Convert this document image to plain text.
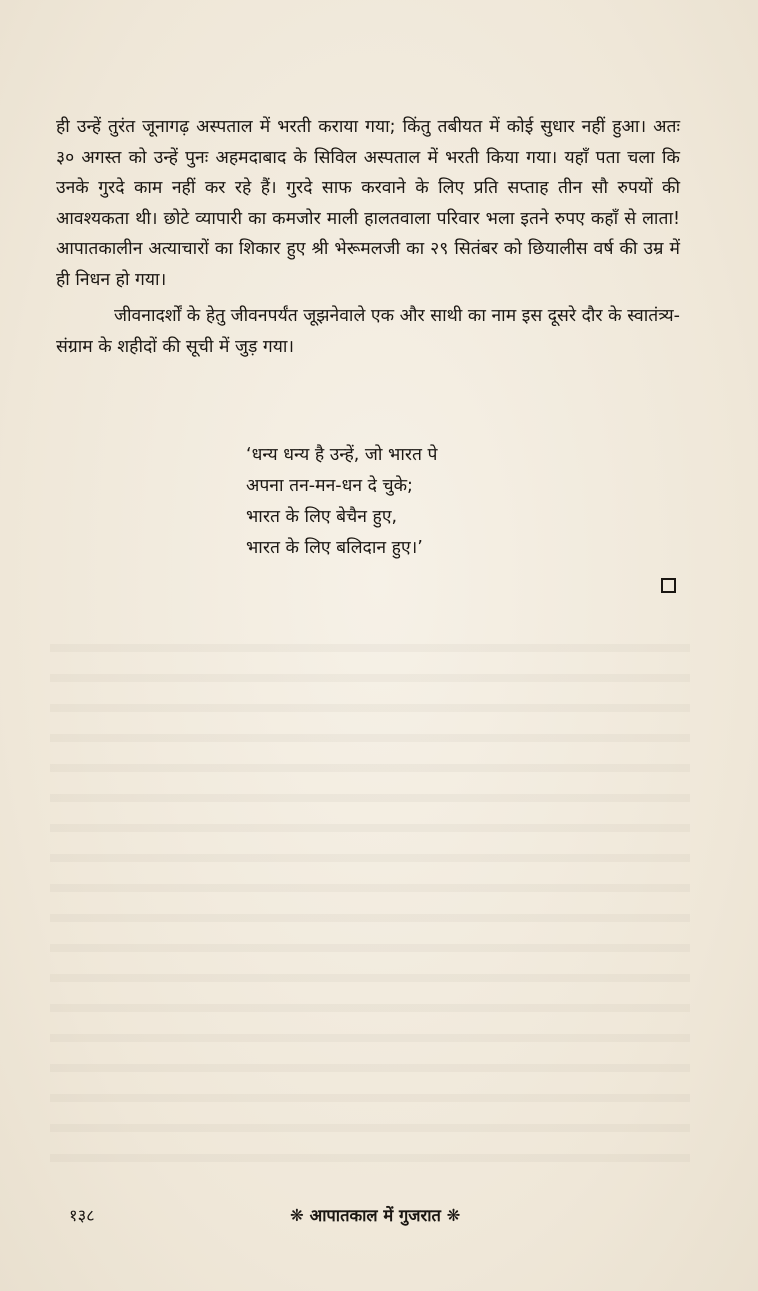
ही उन्हें तुरंत जूनागढ़ अस्पताल में भरती कराया गया; किंतु तबीयत में कोई सुधार नहीं हुआ। अतः ३० अगस्त को उन्हें पुनः अहमदाबाद के सिविल अस्पताल में भरती किया गया। यहाँ पता चला कि उनके गुरदे काम नहीं कर रहे हैं। गुरदे साफ करवाने के लिए प्रति सप्ताह तीन सौ रुपयों की आवश्यकता थी। छोटे व्यापारी का कमजोर माली हालतवाला परिवार भला इतने रुपए कहाँ से लाता! आपातकालीन अत्याचारों का शिकार हुए श्री भेरूमलजी का २९ सितंबर को छियालीस वर्ष की उम्र में ही निधन हो गया।

जीवनादर्शों के हेतु जीवनपर्यंत जूझनेवाले एक और साथी का नाम इस दूसरे दौर के स्वातंत्र्य-संग्राम के शहीदों की सूची में जुड़ गया।

‘धन्य धन्य है उन्हें, जो भारत पे
अपना तन-मन-धन दे चुके;
भारत के लिए बेचैन हुए,
भारत के लिए बलिदान हुए।’
१३८	❋ आपातकाल में गुजरात ❋
